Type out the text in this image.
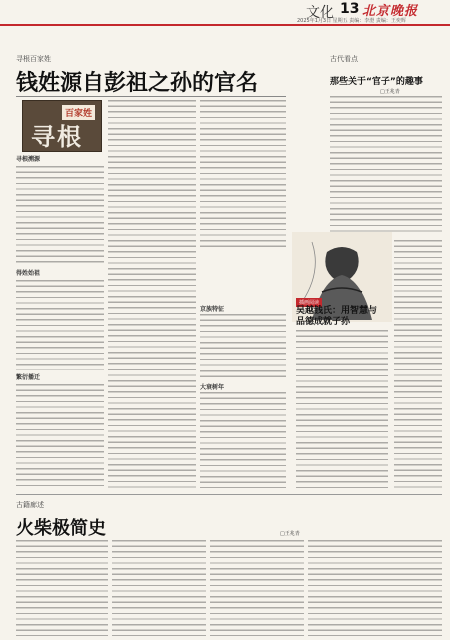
文化 13 北京晚报
2025年1月3日 星期五 责编：李澄 责编：王奕辉
寻根百家姓
钱姓源自彭祖之孙的官名
百家姓
寻根
寻根溯源
得姓始祖
繁衍播迁
京族特征
大衰树年
插画阅读
吴越钱氏：用智慧与品德成就子孙
古代看点
那些关于“官子”的趣事
□王兆青
古籍廊述
火柴极简史	□王兆青
